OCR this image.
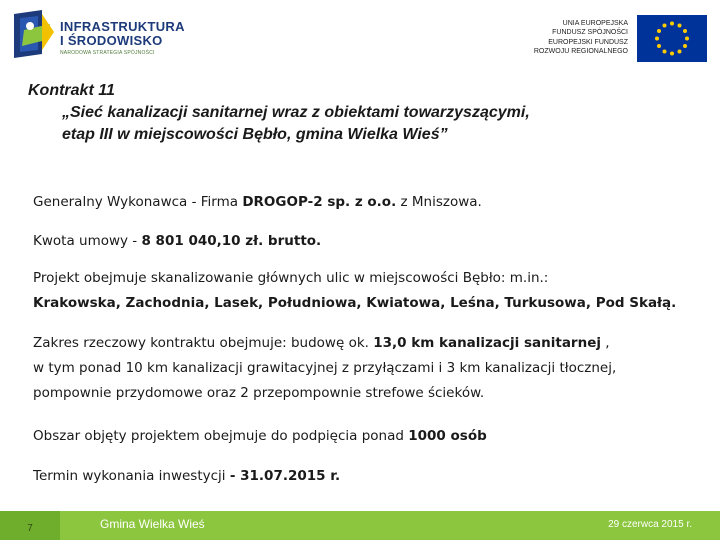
INFRASTRUKTURA
I ŚRODOWISKO
NARODOWA STRATEGIA SPÓJNOŚCI
UNIA EUROPEJSKA
FUNDUSZ SPÓJNOŚCI
EUROPEJSKI FUNDUSZ
ROZWOJU REGIONALNEGO
Kontrakt 11
„Sieć kanalizacji sanitarnej wraz z obiektami towarzyszącymi,
etap III w miejscowości Bębło, gmina Wielka Wieś”
Generalny Wykonawca - Firma DROGOP-2 sp. z o.o. z Mniszowa.
Kwota umowy - 8 801 040,10 zł. brutto.
Projekt obejmuje skanalizowanie głównych ulic w miejscowości Bębło: m.in.:
Krakowska, Zachodnia, Lasek, Południowa, Kwiatowa, Leśna, Turkusowa, Pod Skałą.
Zakres rzeczowy kontraktu obejmuje: budowę ok. 13,0 km kanalizacji sanitarnej ,
w tym ponad 10 km kanalizacji grawitacyjnej z przyłączami i 3 km kanalizacji tłocznej,
pompownie przydomowe oraz 2 przepompownie strefowe ścieków.
Obszar objęty projektem obejmuje do podpięcia ponad 1000 osób
Termin wykonania inwestycji - 31.07.2015 r.
7	Gmina Wielka Wieś	29 czerwca 2015 r.
